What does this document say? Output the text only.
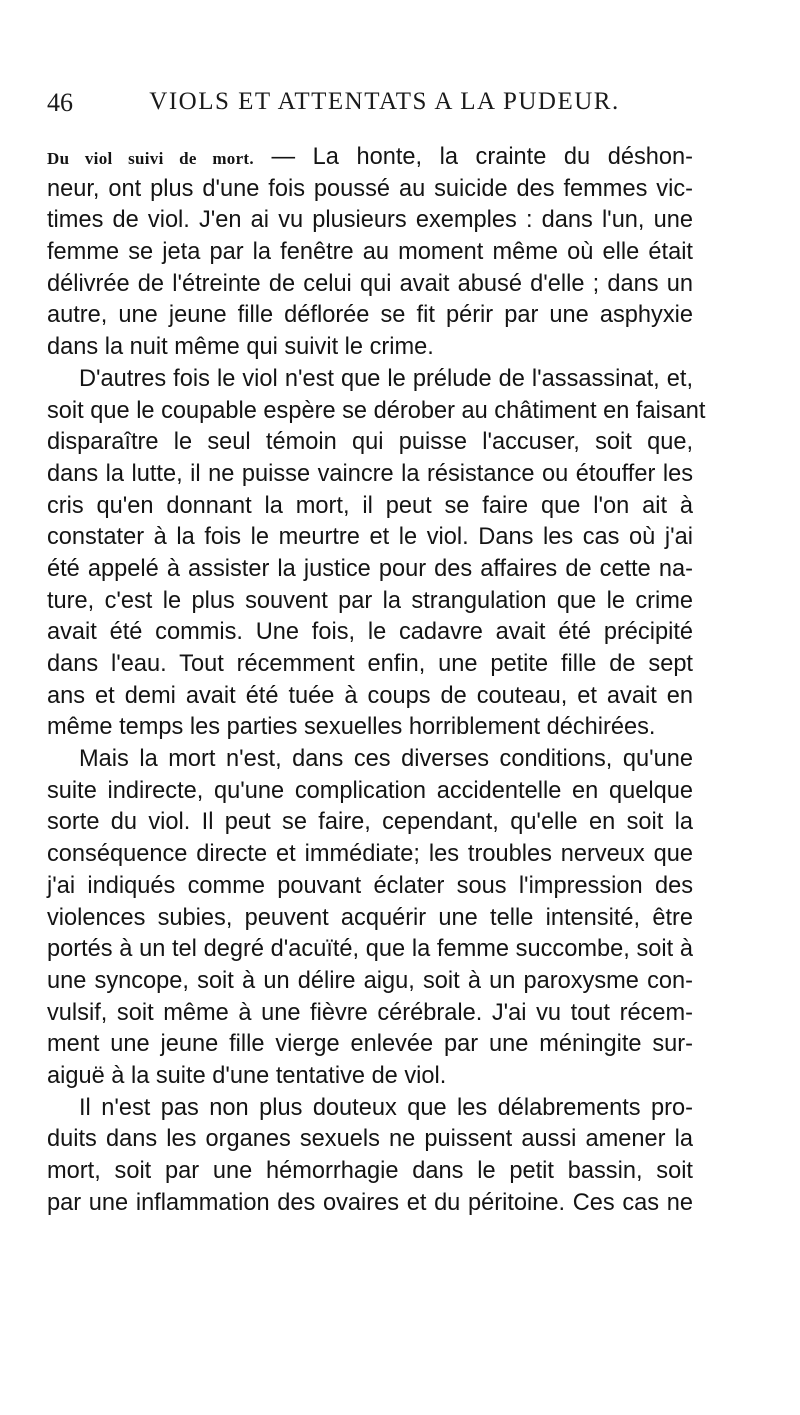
46	VIOLS ET ATTENTATS A LA PUDEUR.
Du viol suivi de mort. — La honte, la crainte du déshon-
neur, ont plus d'une fois poussé au suicide des femmes vic-
times de viol. J'en ai vu plusieurs exemples : dans l'un, une
femme se jeta par la fenêtre au moment même où elle était
délivrée de l'étreinte de celui qui avait abusé d'elle ; dans un
autre, une jeune fille déflorée se fit périr par une asphyxie
dans la nuit même qui suivit le crime.
D'autres fois le viol n'est que le prélude de l'assassinat, et,
soit que le coupable espère se dérober au châtiment en faisant
disparaître le seul témoin qui puisse l'accuser, soit que,
dans la lutte, il ne puisse vaincre la résistance ou étouffer les
cris qu'en donnant la mort, il peut se faire que l'on ait à
constater à la fois le meurtre et le viol. Dans les cas où j'ai
été appelé à assister la justice pour des affaires de cette na-
ture, c'est le plus souvent par la strangulation que le crime
avait été commis. Une fois, le cadavre avait été précipité
dans l'eau. Tout récemment enfin, une petite fille de sept
ans et demi avait été tuée à coups de couteau, et avait en
même temps les parties sexuelles horriblement déchirées.
Mais la mort n'est, dans ces diverses conditions, qu'une
suite indirecte, qu'une complication accidentelle en quelque
sorte du viol. Il peut se faire, cependant, qu'elle en soit la
conséquence directe et immédiate; les troubles nerveux que
j'ai indiqués comme pouvant éclater sous l'impression des
violences subies, peuvent acquérir une telle intensité, être
portés à un tel degré d'acuïté, que la femme succombe, soit à
une syncope, soit à un délire aigu, soit à un paroxysme con-
vulsif, soit même à une fièvre cérébrale. J'ai vu tout récem-
ment une jeune fille vierge enlevée par une méningite sur-
aiguë à la suite d'une tentative de viol.
Il n'est pas non plus douteux que les délabrements pro-
duits dans les organes sexuels ne puissent aussi amener la
mort, soit par une hémorrhagie dans le petit bassin, soit
par une inflammation des ovaires et du péritoine. Ces cas ne
